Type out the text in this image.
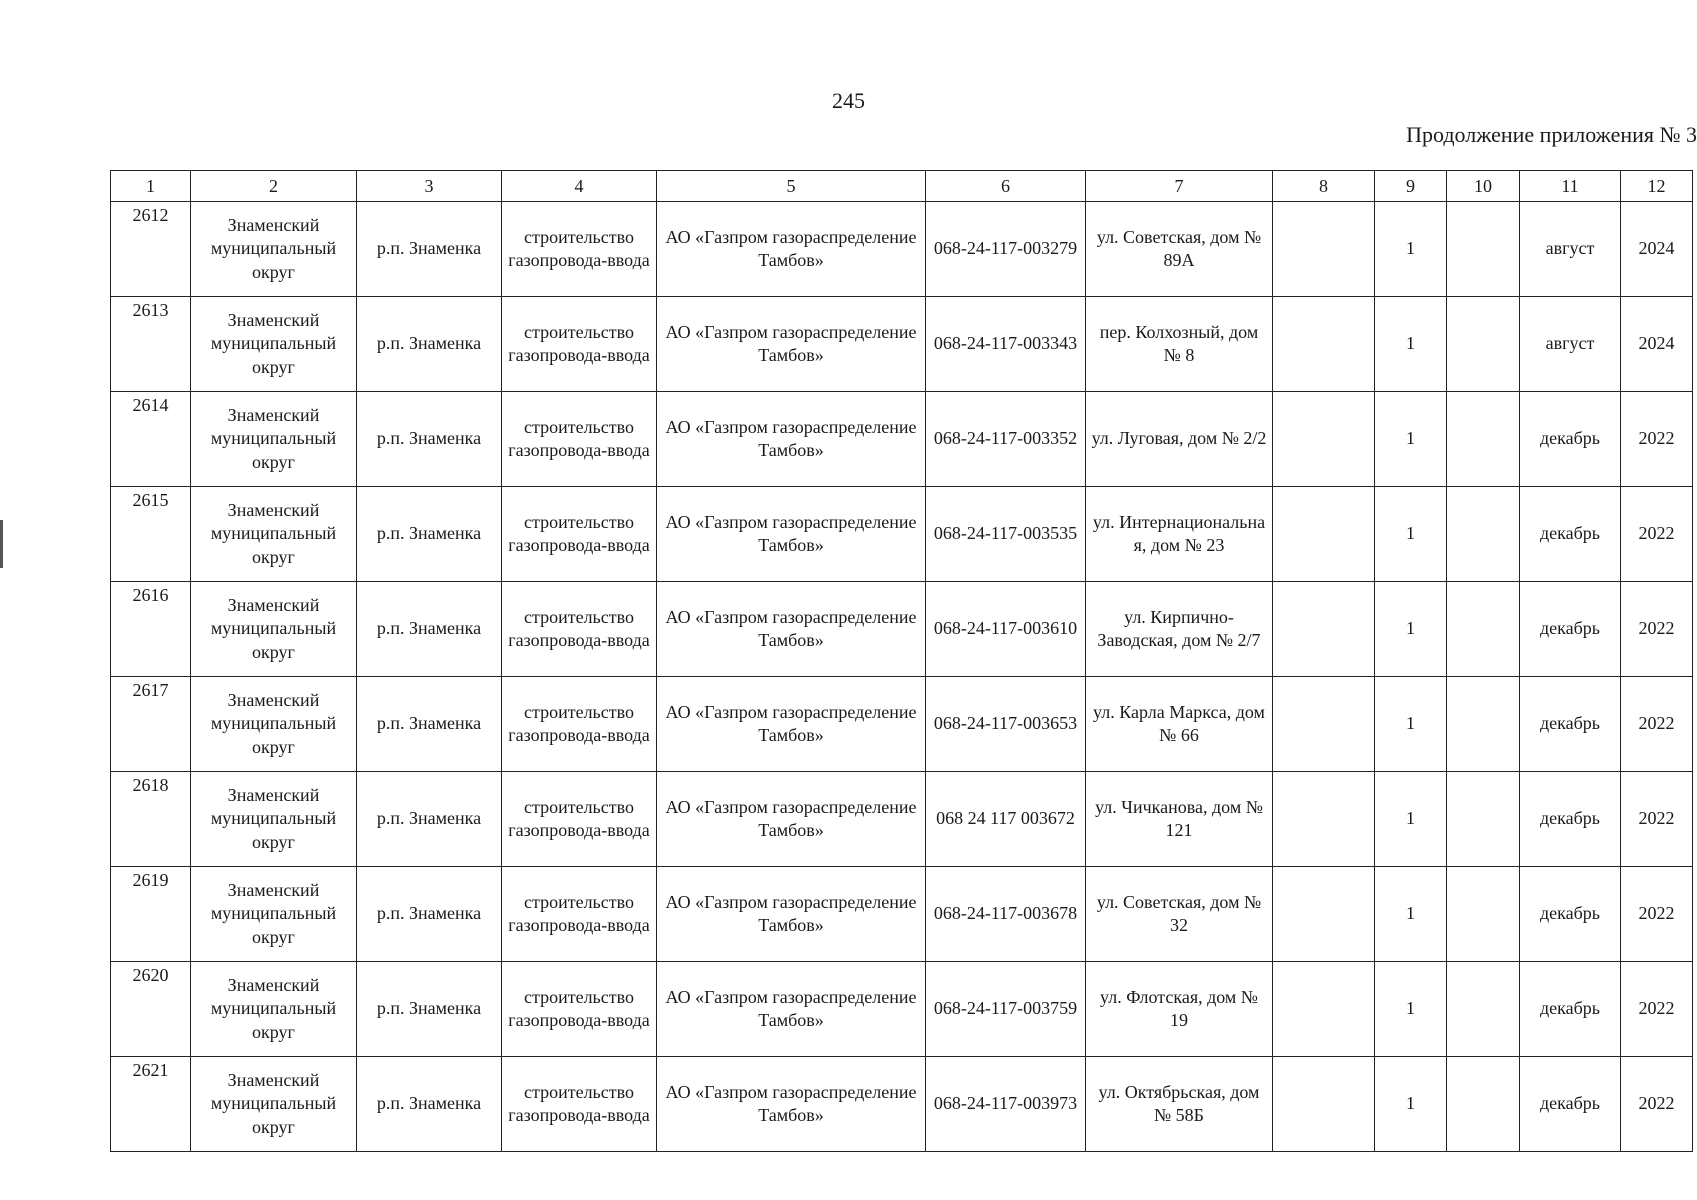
245
Продолжение приложения № 3
1	2	3	4	5	6	7	8	9	10	11	12
2612	Знаменский муниципальный округ	р.п. Знаменка	строительство газопровода-ввода	АО «Газпром газораспределение Тамбов»	068-24-117-003279	ул. Советская, дом № 89А		1		август	2024
2613	Знаменский муниципальный округ	р.п. Знаменка	строительство газопровода-ввода	АО «Газпром газораспределение Тамбов»	068-24-117-003343	пер. Колхозный, дом № 8		1		август	2024
2614	Знаменский муниципальный округ	р.п. Знаменка	строительство газопровода-ввода	АО «Газпром газораспределение Тамбов»	068-24-117-003352	ул. Луговая, дом № 2/2		1		декабрь	2022
2615	Знаменский муниципальный округ	р.п. Знаменка	строительство газопровода-ввода	АО «Газпром газораспределение Тамбов»	068-24-117-003535	ул. Интернациональна я, дом № 23		1		декабрь	2022
2616	Знаменский муниципальный округ	р.п. Знаменка	строительство газопровода-ввода	АО «Газпром газораспределение Тамбов»	068-24-117-003610	ул. Кирпично-Заводская, дом № 2/7		1		декабрь	2022
2617	Знаменский муниципальный округ	р.п. Знаменка	строительство газопровода-ввода	АО «Газпром газораспределение Тамбов»	068-24-117-003653	ул. Карла Маркса, дом № 66		1		декабрь	2022
2618	Знаменский муниципальный округ	р.п. Знаменка	строительство газопровода-ввода	АО «Газпром газораспределение Тамбов»	068 24 117 003672	ул. Чичканова, дом № 121		1		декабрь	2022
2619	Знаменский муниципальный округ	р.п. Знаменка	строительство газопровода-ввода	АО «Газпром газораспределение Тамбов»	068-24-117-003678	ул. Советская, дом № 32		1		декабрь	2022
2620	Знаменский муниципальный округ	р.п. Знаменка	строительство газопровода-ввода	АО «Газпром газораспределение Тамбов»	068-24-117-003759	ул. Флотская, дом № 19		1		декабрь	2022
2621	Знаменский муниципальный округ	р.п. Знаменка	строительство газопровода-ввода	АО «Газпром газораспределение Тамбов»	068-24-117-003973	ул. Октябрьская, дом № 58Б		1		декабрь	2022
